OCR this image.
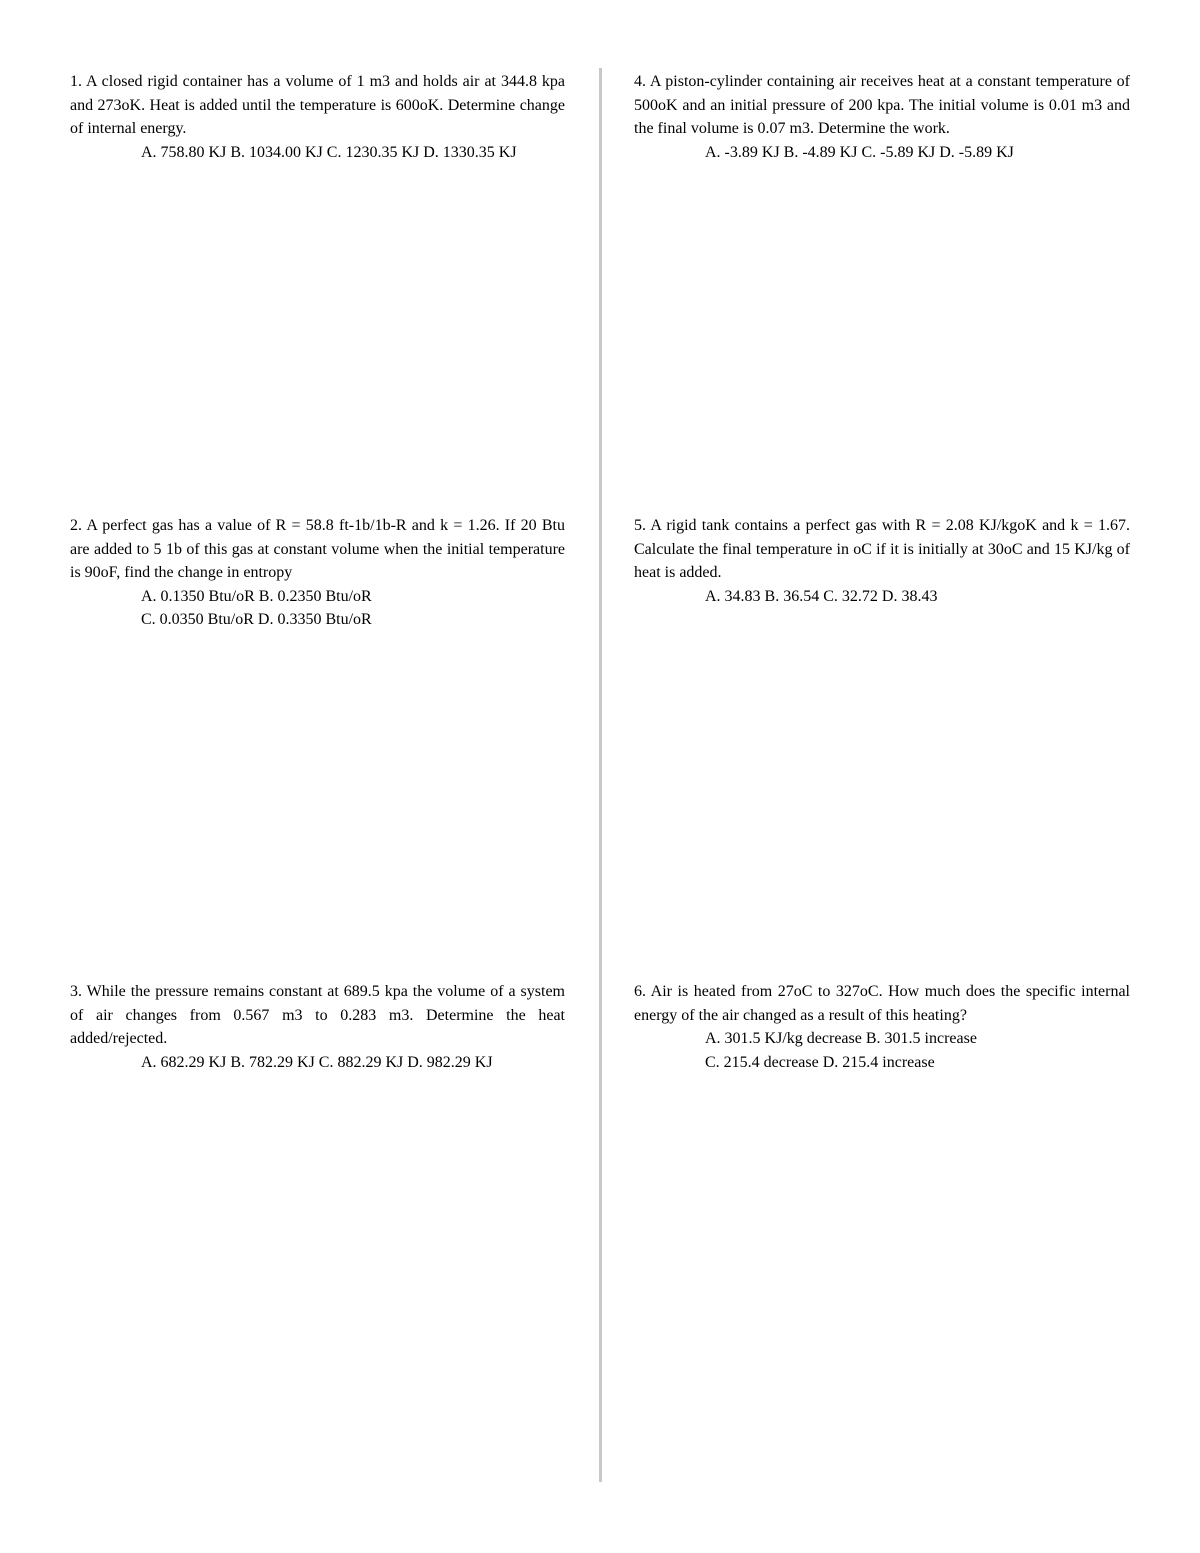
1. A closed rigid container has a volume of 1 m3 and holds air at 344.8 kpa and 273oK. Heat is added until the temperature is 600oK. Determine change of internal energy.

A. 758.80 KJ B. 1034.00 KJ C. 1230.35 KJ D. 1330.35 KJ

2. A perfect gas has a value of R = 58.8 ft-1b/1b-R and k = 1.26. If 20 Btu are added to 5 1b of this gas at constant volume when the initial temperature is 90oF, find the change in entropy

A. 0.1350 Btu/oR B. 0.2350 Btu/oR

C. 0.0350 Btu/oR D. 0.3350 Btu/oR

3. While the pressure remains constant at 689.5 kpa the volume of a system of air changes from 0.567 m3 to 0.283 m3. Determine the heat added/rejected.

A. 682.29 KJ B. 782.29 KJ C. 882.29 KJ D. 982.29 KJ

4. A piston-cylinder containing air receives heat at a constant temperature of 500oK and an initial pressure of 200 kpa. The initial volume is 0.01 m3 and the final volume is 0.07 m3. Determine the work.

A. -3.89 KJ B. -4.89 KJ C. -5.89 KJ D. -5.89 KJ

5. A rigid tank contains a perfect gas with R = 2.08 KJ/kgoK and k = 1.67. Calculate the final temperature in oC if it is initially at 30oC and 15 KJ/kg of heat is added.

A. 34.83 B. 36.54 C. 32.72 D. 38.43

6. Air is heated from 27oC to 327oC. How much does the specific internal energy of the air changed as a result of this heating?

A. 301.5 KJ/kg decrease B. 301.5 increase

C. 215.4 decrease D. 215.4 increase
